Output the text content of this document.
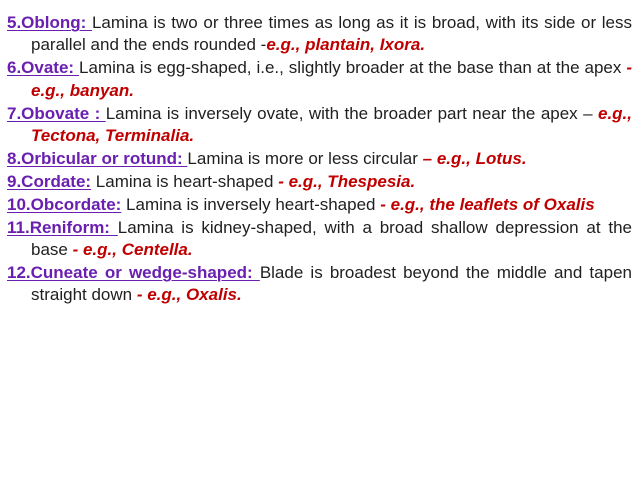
5.Oblong: Lamina is two or three times as long as it is broad, with its side or less parallel and the ends rounded -e.g., plantain, Ixora.

6.Ovate: Lamina is egg-shaped, i.e., slightly broader at the base than at the apex - e.g., banyan.

7.Obovate : Lamina is inversely ovate, with the broader part near the apex – e.g., Tectona, Terminalia.

8.Orbicular or rotund: Lamina is more or less circular – e.g., Lotus.

9.Cordate: Lamina is heart-shaped - e.g., Thespesia.

10.Obcordate: Lamina is inversely heart-shaped - e.g., the leaflets of Oxalis

11.Reniform: Lamina is kidney-shaped, with a broad shallow depression at the base - e.g., Centella.

12.Cuneate or wedge-shaped: Blade is broadest beyond the middle and tapen straight down - e.g., Oxalis.
